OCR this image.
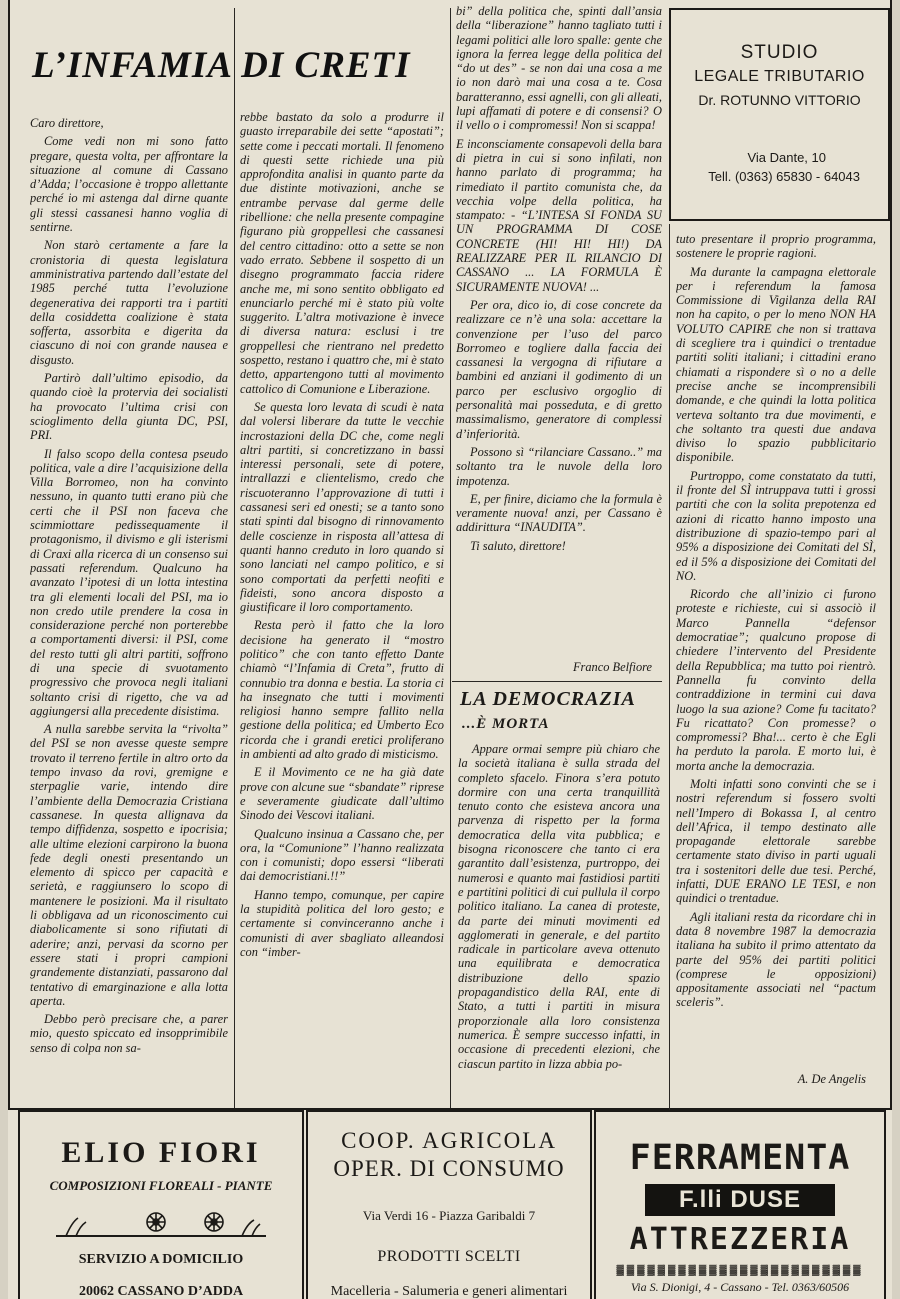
L’INFAMIA DI CRETI

Caro direttore,

Come vedi non mi sono fatto pregare, questa volta, per affrontare la situazione al comune di Cassano d’Adda; l’occasione è troppo allettante perché io mi astenga dal dirne quante gli stessi cassanesi hanno voglia di sentirne.

Non starò certamente a fare la cronistoria di questa legislatura amministrativa partendo dall’estate del 1985 perché tutta l’evoluzione degenerativa dei rapporti tra i partiti della cosiddetta coalizione è stata sofferta, assorbita e digerita da ciascuno di noi con grande nausea e disgusto.

Partirò dall’ultimo episodio, da quando cioè la protervia dei socialisti ha provocato l’ultima crisi con scioglimento della giunta DC, PSI, PRI.

Il falso scopo della contesa pseudo politica, vale a dire l’acquisizione della Villa Borromeo, non ha convinto nessuno, in quanto tutti erano più che certi che il PSI non faceva che scimmiottare pedissequamente il protagonismo, il divismo e gli isterismi di Craxi alla ricerca di un consenso sui passati referendum. Qualcuno ha avanzato l’ipotesi di un lotta intestina tra gli elementi locali del PSI, ma io non credo utile prendere la cosa in considerazione perché non porterebbe a comportamenti diversi: il PSI, come del resto tutti gli altri partiti, soffrono di una specie di svuotamento progressivo che provoca negli italiani soltanto crisi di rigetto, che va ad aggiungersi alla precedente disistima.

A nulla sarebbe servita la “rivolta” del PSI se non avesse queste sempre trovato il terreno fertile in altro orto da tempo invaso da rovi, gremigne e sterpaglie varie, intendo dire l’ambiente della Democrazia Cristiana cassanese. In questa allignava da tempo diffidenza, sospetto e ipocrisia; alle ultime elezioni carpirono la buona fede degli onesti presentando un elemento di spicco per capacità e serietà, e raggiunsero lo scopo di mantenere le posizioni. Ma il risultato li obbligava ad un riconoscimento cui diabolicamente si sono rifiutati di aderire; anzi, pervasi da scorno per essere stati i propri campioni grandemente distanziati, passarono dal tentativo di emarginazione e alla lotta aperta.

Debbo però precisare che, a parer mio, questo spiccato ed insopprimibile senso di colpa non sa-

rebbe bastato da solo a produrre il guasto irreparabile dei sette “apostati”; sette come i peccati mortali. Il fenomeno di questi sette richiede una più approfondita analisi in quanto parte da due distinte motivazioni, anche se entrambe pervase dal germe delle ribellione: che nella presente compagine figurano più groppellesi che cassanesi del centro cittadino: otto a sette se non vado errato. Sebbene il sospetto di un disegno programmato faccia ridere anche me, mi sono sentito obbligato ed enunciarlo perché mi è stato più volte suggerito. L’altra motivazione è invece di diversa natura: esclusi i tre groppellesi che rientrano nel predetto sospetto, restano i quattro che, mi è stato detto, appartengono tutti al movimento cattolico di Comunione e Liberazione.

Se questa loro levata di scudi è nata dal volersi liberare da tutte le vecchie incrostazioni della DC che, come negli altri partiti, si concretizzano in bassi interessi personali, sete di potere, intrallazzi e clientelismo, credo che riscuoteranno l’approvazione di tutti i cassanesi seri ed onesti; se a tanto sono stati spinti dal bisogno di rinnovamento delle coscienze in risposta all’attesa di quanti hanno creduto in loro quando si sono lanciati nel campo politico, e si sono comportati da perfetti neofiti e fideisti, sono ancora disposto a giustificare il loro comportamento.

Resta però il fatto che la loro decisione ha generato il “mostro politico” che con tanto effetto Dante chiamò “l’Infamia di Creta”, frutto di connubio tra donna e bestia. La storia ci ha insegnato che tutti i movimenti religiosi hanno sempre fallito nella gestione della politica; ed Umberto Eco ricorda che i grandi eretici proliferano in ambienti ad alto grado di misticismo.

E il Movimento ce ne ha già date prove con alcune sue “sbandate” riprese e severamente giudicate dall’ultimo Sinodo dei Vescovi italiani.

Qualcuno insinua a Cassano che, per ora, la “Comunione” l’hanno realizzata con i comunisti; dopo essersi “liberati dai democristiani.!!”

Hanno tempo, comunque, per capire la stupidità politica del loro gesto; e certamente si convinceranno anche i comunisti di aver sbagliato alleandosi con “imber-

bi” della politica che, spinti dall’ansia della “liberazione” hanno tagliato tutti i legami politici alle loro spalle: gente che ignora la ferrea legge della politica del “do ut des” - se non dai una cosa a me io non darò mai una cosa a te. Cosa baratteranno, essi agnelli, con gli alleati, lupi affamati di potere e di consensi? O il vello o i compromessi! Non si scappa!

E inconsciamente consapevoli della bara di pietra in cui si sono infilati, non hanno parlato di programma; ha rimediato il partito comunista che, da vecchia volpe della politica, ha stampato: - “L’INTESA SI FONDA SU UN PROGRAMMA DI COSE CONCRETE (HI! HI! HI!) DA REALIZZARE PER IL RILANCIO DI CASSANO ... LA FORMULA È SICURAMENTE NUOVA! ...

Per ora, dico io, di cose concrete da realizzare ce n’è una sola: accettare la convenzione per l’uso del parco Borromeo e togliere dalla faccia dei cassanesi la vergogna di rifiutare a bambini ed anziani il godimento di un parco per esclusivo orgoglio di personalità mai posseduta, e di gretto massimalismo, generatore di complessi d’inferiorità.

Possono sì “rilanciare Cassano..” ma soltanto tra le nuvole della loro impotenza.

E, per finire, diciamo che la formula è veramente nuova! anzi, per Cassano è addirittura “INAUDITA”.

Ti saluto, direttore!

Franco Belfiore

STUDIO
LEGALE TRIBUTARIO
Dr. ROTUNNO VITTORIO
Via Dante, 10
Tell. (0363) 65830 - 64043
LA DEMOCRAZIA
...È MORTA

Appare ormai sempre più chiaro che la società italiana è sulla strada del completo sfacelo. Finora s’era potuto dormire con una certa tranquillità tenuto conto che esisteva ancora una parvenza di rispetto per la forma democratica della vita pubblica; e bisogna riconoscere che tanto ci era garantito dall’esistenza, purtroppo, dei numerosi e quanto mai fastidiosi partiti e partitini politici di cui pullula il corpo politico italiano. La canea di proteste, da parte dei minuti movimenti ed agglomerati in generale, e del partito radicale in particolare aveva ottenuto una equilibrata e democratica distribuzione dello spazio propagandistico della RAI, ente di Stato, a tutti i partiti in misura proporzionale alla loro consistenza numerica. È sempre successo infatti, in occasione di precedenti elezioni, che ciascun partito in lizza abbia po-

tuto presentare il proprio programma, sostenere le proprie ragioni.

Ma durante la campagna elettorale per i referendum la famosa Commissione di Vigilanza della RAI non ha capito, o per lo meno NON HA VOLUTO CAPIRE che non si trattava di scegliere tra i quindici o trentadue partiti soliti italiani; i cittadini erano chiamati a rispondere sì o no a delle precise anche se incomprensibili domande, e che quindi la lotta politica verteva soltanto tra due movimenti, e che soltanto tra questi due andava diviso lo spazio pubblicitario disponibile.

Purtroppo, come constatato da tutti, il fronte del SÌ intruppava tutti i grossi partiti che con la solita prepotenza ed azioni di ricatto hanno imposto una distribuzione di spazio-tempo pari al 95% a disposizione dei Comitati del SÌ, ed il 5% a disposizione dei Comitati del NO.

Ricordo che all’inizio ci furono proteste e richieste, cui si associò il Marco Pannella “defensor democratiae”; qualcuno propose di chiedere l’intervento del Presidente della Repubblica; ma tutto poi rientrò. Pannella fu convinto della contraddizione in termini cui dava luogo la sua azione? Come fu tacitato? Fu ricattato? Con promesse? o compromessi? Bha!... certo è che Egli ha perduto la parola. E morto lui, è morta anche la democrazia.

Molti infatti sono convinti che se i nostri referendum si fossero svolti nell’Impero di Bokassa I, al centro dell’Africa, il tempo destinato alle propagande elettorale sarebbe certamente stato diviso in parti uguali tra i sostenitori delle due tesi. Perché, infatti, DUE ERANO LE TESI, e non quindici o trentadue.

Agli italiani resta da ricordare chi in data 8 novembre 1987 la democrazia italiana ha subito il primo attentato da parte del 95% dei partiti politici (comprese le opposizioni) appositamente associati nel “pactum sceleris”.

A. De Angelis

ELIO FIORI
COMPOSIZIONI FLOREALI - PIANTE
SERVIZIO A DOMICILIO
20062 CASSANO D’ADDA
COOP. AGRICOLA
OPER. DI CONSUMO
Via Verdi 16 - Piazza Garibaldi 7
PRODOTTI SCELTI
Macelleria - Salumeria e generi alimentari
FERRAMENTA
F.lli DUSE
ATTREZZERIA
▓▓▓▓▓▓▓▓▓▓▓▓▓▓▓▓▓▓▓▓▓▓▓▓
Via S. Dionigi, 4 - Cassano - Tel. 0363/60506
